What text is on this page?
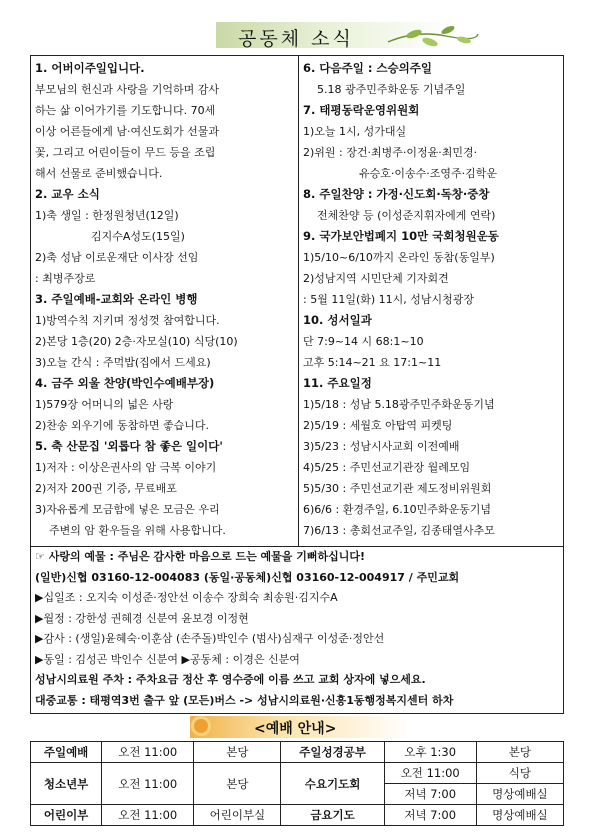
공동체 소식
1. 어버이주일입니다.
부모님의 헌신과 사랑을 기억하며 감사
하는 삶 이어가기를 기도합니다. 70세
이상 어른들에게 남·여신도회가 선물과
꽃, 그리고 어린이들이 무드 등을 조립
해서 선물로 준비했습니다.
2. 교우 소식
1)축 생일 : 한정원청년(12일)
김지수A성도(15일)
2)축 성남 이로운재단 이사장 선임
: 최병주장로
3. 주일예배-교회와 온라인 병행
1)방역수칙 지키며 정성껏 참여합니다.
2)본당 1층(20) 2층·자모실(10) 식당(10)
3)오늘 간식 : 주먹밥(집에서 드세요)
4. 금주 외울 찬양(박인수예배부장)
1)579장 어머니의 넓은 사랑
2)찬송 외우기에 동참하면 좋습니다.
5. 축 산문집 '외롭다 참 좋은 일이다'
1)저자 : 이상은권사의 암 극복 이야기
2)저자 200권 기증, 무료배포
3)자유롭게 모금함에 넣은 모금은 우리
주변의 암 환우들을 위해 사용합니다.
6. 다음주일 : 스승의주일
5.18 광주민주화운동 기념주일
7. 태평동락운영위원회
1)오늘 1시, 성가대실
2)위원 : 장건·최병주·이정윤·최민경·
유승호·이송수·조영주·김학운
8. 주일찬양 : 가정·신도회·독창·중창
전체찬양 등 (이성준지휘자에게 연락)
9. 국가보안법폐지 10만 국회청원운동
1)5/10~6/10까지 온라인 동참(동일부)
2)성남지역 시민단체 기자회견
: 5월 11일(화) 11시, 성남시청광장
10. 성서일과
단 7:9~14 시 68:1~10
고후 5:14~21 요 17:1~11
11. 주요일정
1)5/18 : 성남 5.18광주민주화운동기념
2)5/19 : 세월호 아탑역 피켓팅
3)5/23 : 성남시사교회 이전예배
4)5/25 : 주민선교기관장 월례모임
5)5/30 : 주민선교기관 제도정비위원회
6)6/6 : 환경주일, 6.10민주화운동기념
7)6/13 : 총회선교주일, 김종태열사추모
☞ 사랑의 예물 : 주님은 감사한 마음으로 드는 예물을 기뻐하십니다!
(일반)신협 03160-12-004083 (동일·공동체)신협 03160-12-004917 / 주민교회
▶십일조 : 오지숙 이성준·정안선 이송수 장희숙 최송원·김지수A
▶월정 : 강한성 권혜경 신분여 윤보경 이정현
▶감사 : (생일)윤혜숙·이훈삼 (손주돌)박인수 (범사)심재구 이성준·정안선
▶동일 : 김성곤 박인수 신분여 ▶공동체 : 이경은 신분여
성남시의료원 주차 : 주차요금 정산 후 영수증에 이름 쓰고 교회 상자에 넣으세요.
대중교통 : 태평역3번 출구 앞 (모든)버스 -> 성남시의료원·신흥1동행정복지센터 하차
<예배 안내>
주일예배	오전 11:00	본당	주일성경공부	오후 1:30	본당
청소년부	오전 11:00	본당	수요기도회	오전 11:00	식당
				저녁 7:00	명상예배실
어린이부	오전 11:00	어린이부실	금요기도	저녁 7:00	명상예배실
